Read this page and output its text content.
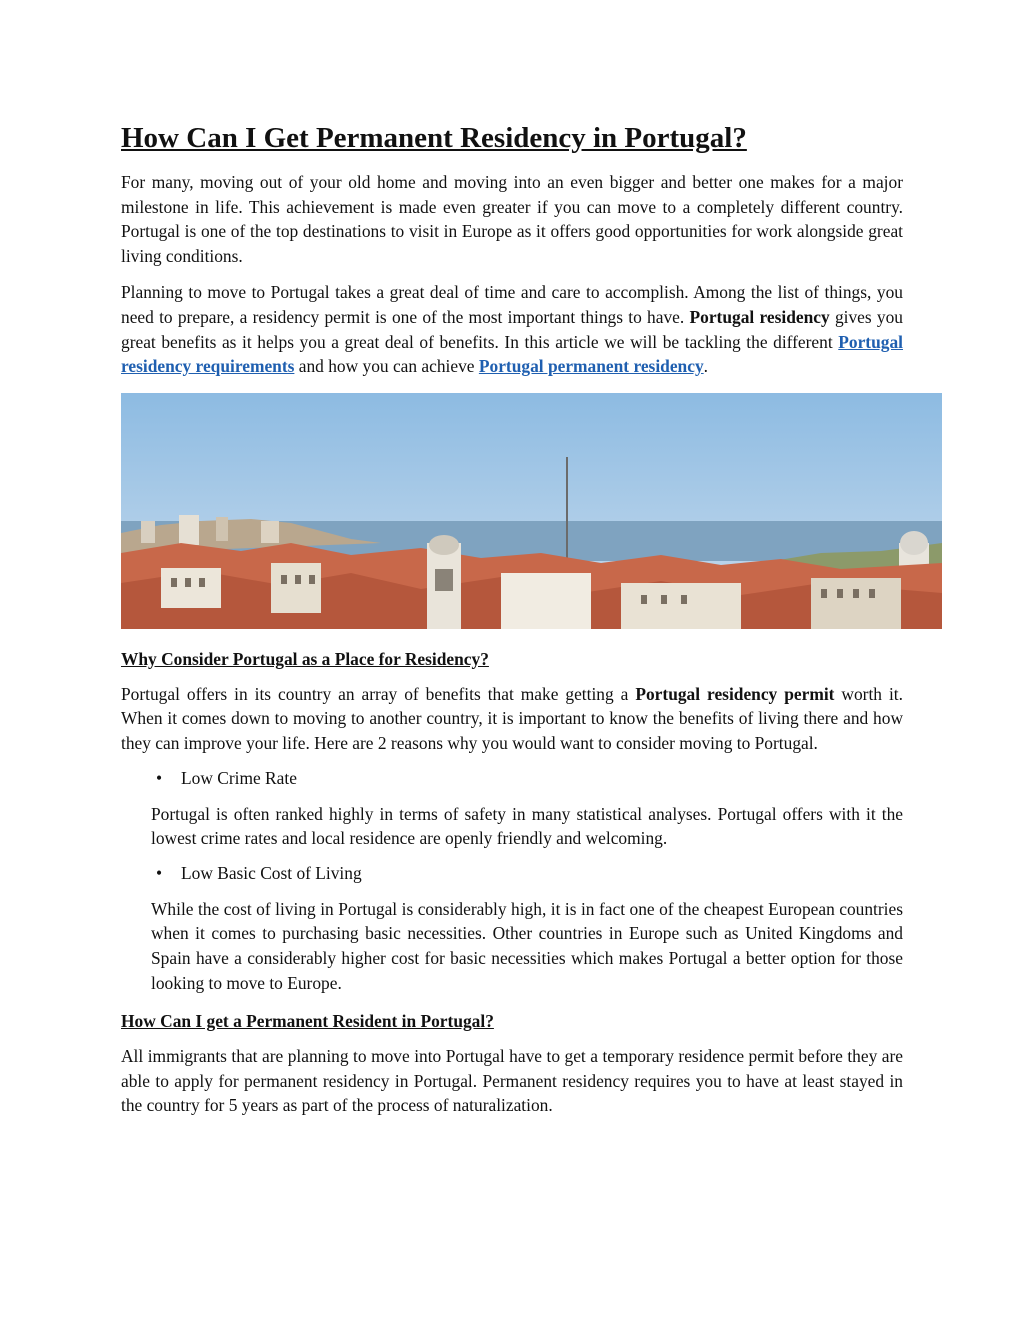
How Can I Get Permanent Residency in Portugal?

For many, moving out of your old home and moving into an even bigger and better one makes for a major milestone in life. This achievement is made even greater if you can move to a completely different country. Portugal is one of the top destinations to visit in Europe as it offers good opportunities for work alongside great living conditions.

Planning to move to Portugal takes a great deal of time and care to accomplish. Among the list of things, you need to prepare, a residency permit is one of the most important things to have. Portugal residency gives you great benefits as it helps you a great deal of benefits. In this article we will be tackling the different Portugal residency requirements and how you can achieve Portugal permanent residency.

Why Consider Portugal as a Place for Residency?

Portugal offers in its country an array of benefits that make getting a Portugal residency permit worth it. When it comes down to moving to another country, it is important to know the benefits of living there and how they can improve your life. Here are 2 reasons why you would want to consider moving to Portugal.

• Low Crime Rate

Portugal is often ranked highly in terms of safety in many statistical analyses. Portugal offers with it the lowest crime rates and local residence are openly friendly and welcoming.

• Low Basic Cost of Living

While the cost of living in Portugal is considerably high, it is in fact one of the cheapest European countries when it comes to purchasing basic necessities. Other countries in Europe such as United Kingdoms and Spain have a considerably higher cost for basic necessities which makes Portugal a better option for those looking to move to Europe.

How Can I get a Permanent Resident in Portugal?

All immigrants that are planning to move into Portugal have to get a temporary residence permit before they are able to apply for permanent residency in Portugal. Permanent residency requires you to have at least stayed in the country for 5 years as part of the process of naturalization.
